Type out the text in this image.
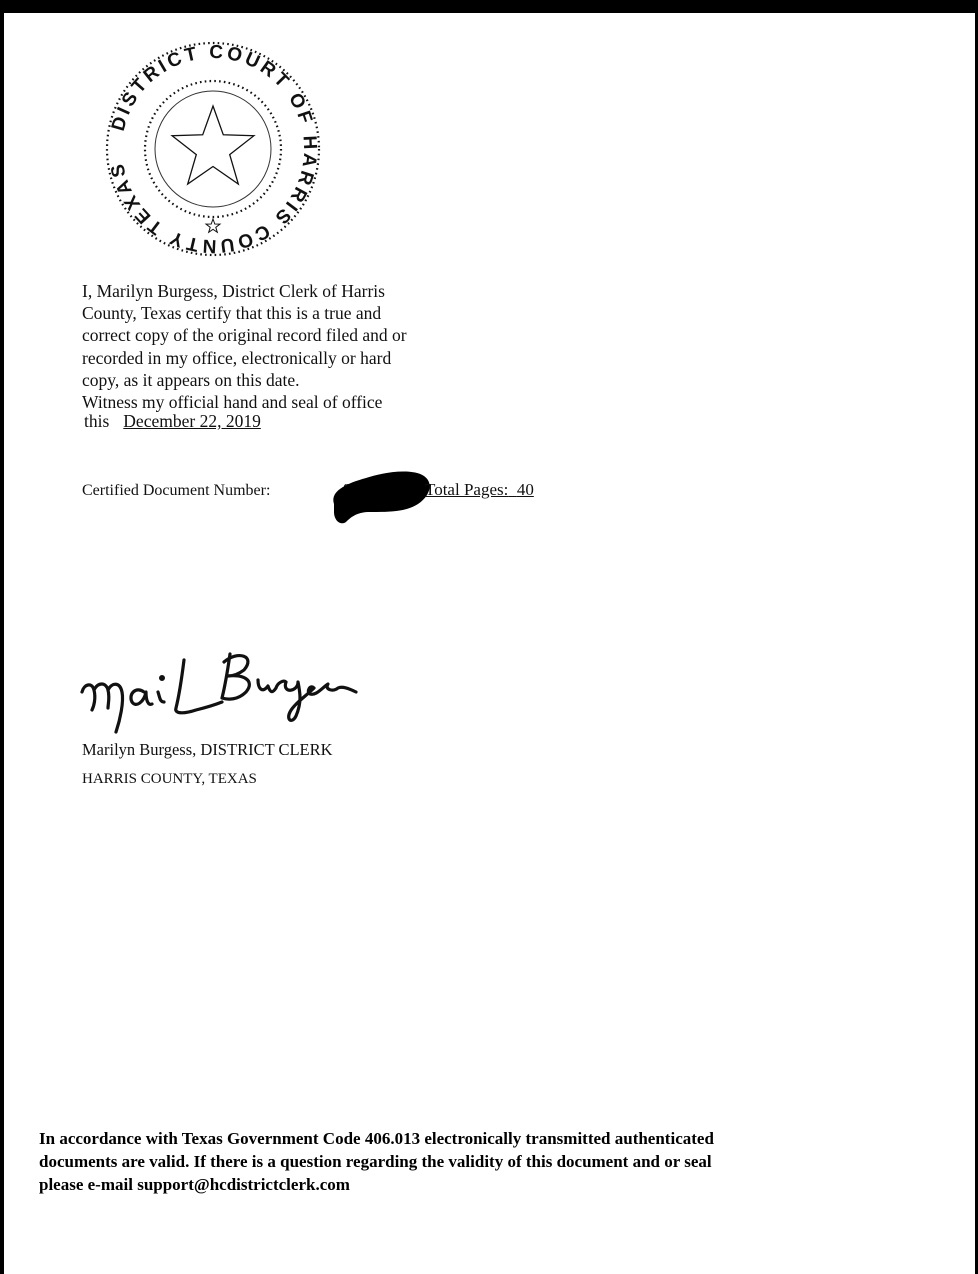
DISTRICT COURT OF HARRIS COUNTY TEXAS

I, Marilyn Burgess, District Clerk of Harris

County, Texas certify that this is a true and

correct copy of the original record filed and or

recorded in my office, electronically or hard

copy, as it appears on this date.

Witness my official hand and seal of office

this December 22, 2019
Certified Document Number:	Total Pages: 40
Marilyn Burgess, DISTRICT CLERK
HARRIS COUNTY, TEXAS
In accordance with Texas Government Code 406.013 electronically transmitted authenticated
documents are valid. If there is a question regarding the validity of this document and or seal
please e-mail support@hcdistrictclerk.com
